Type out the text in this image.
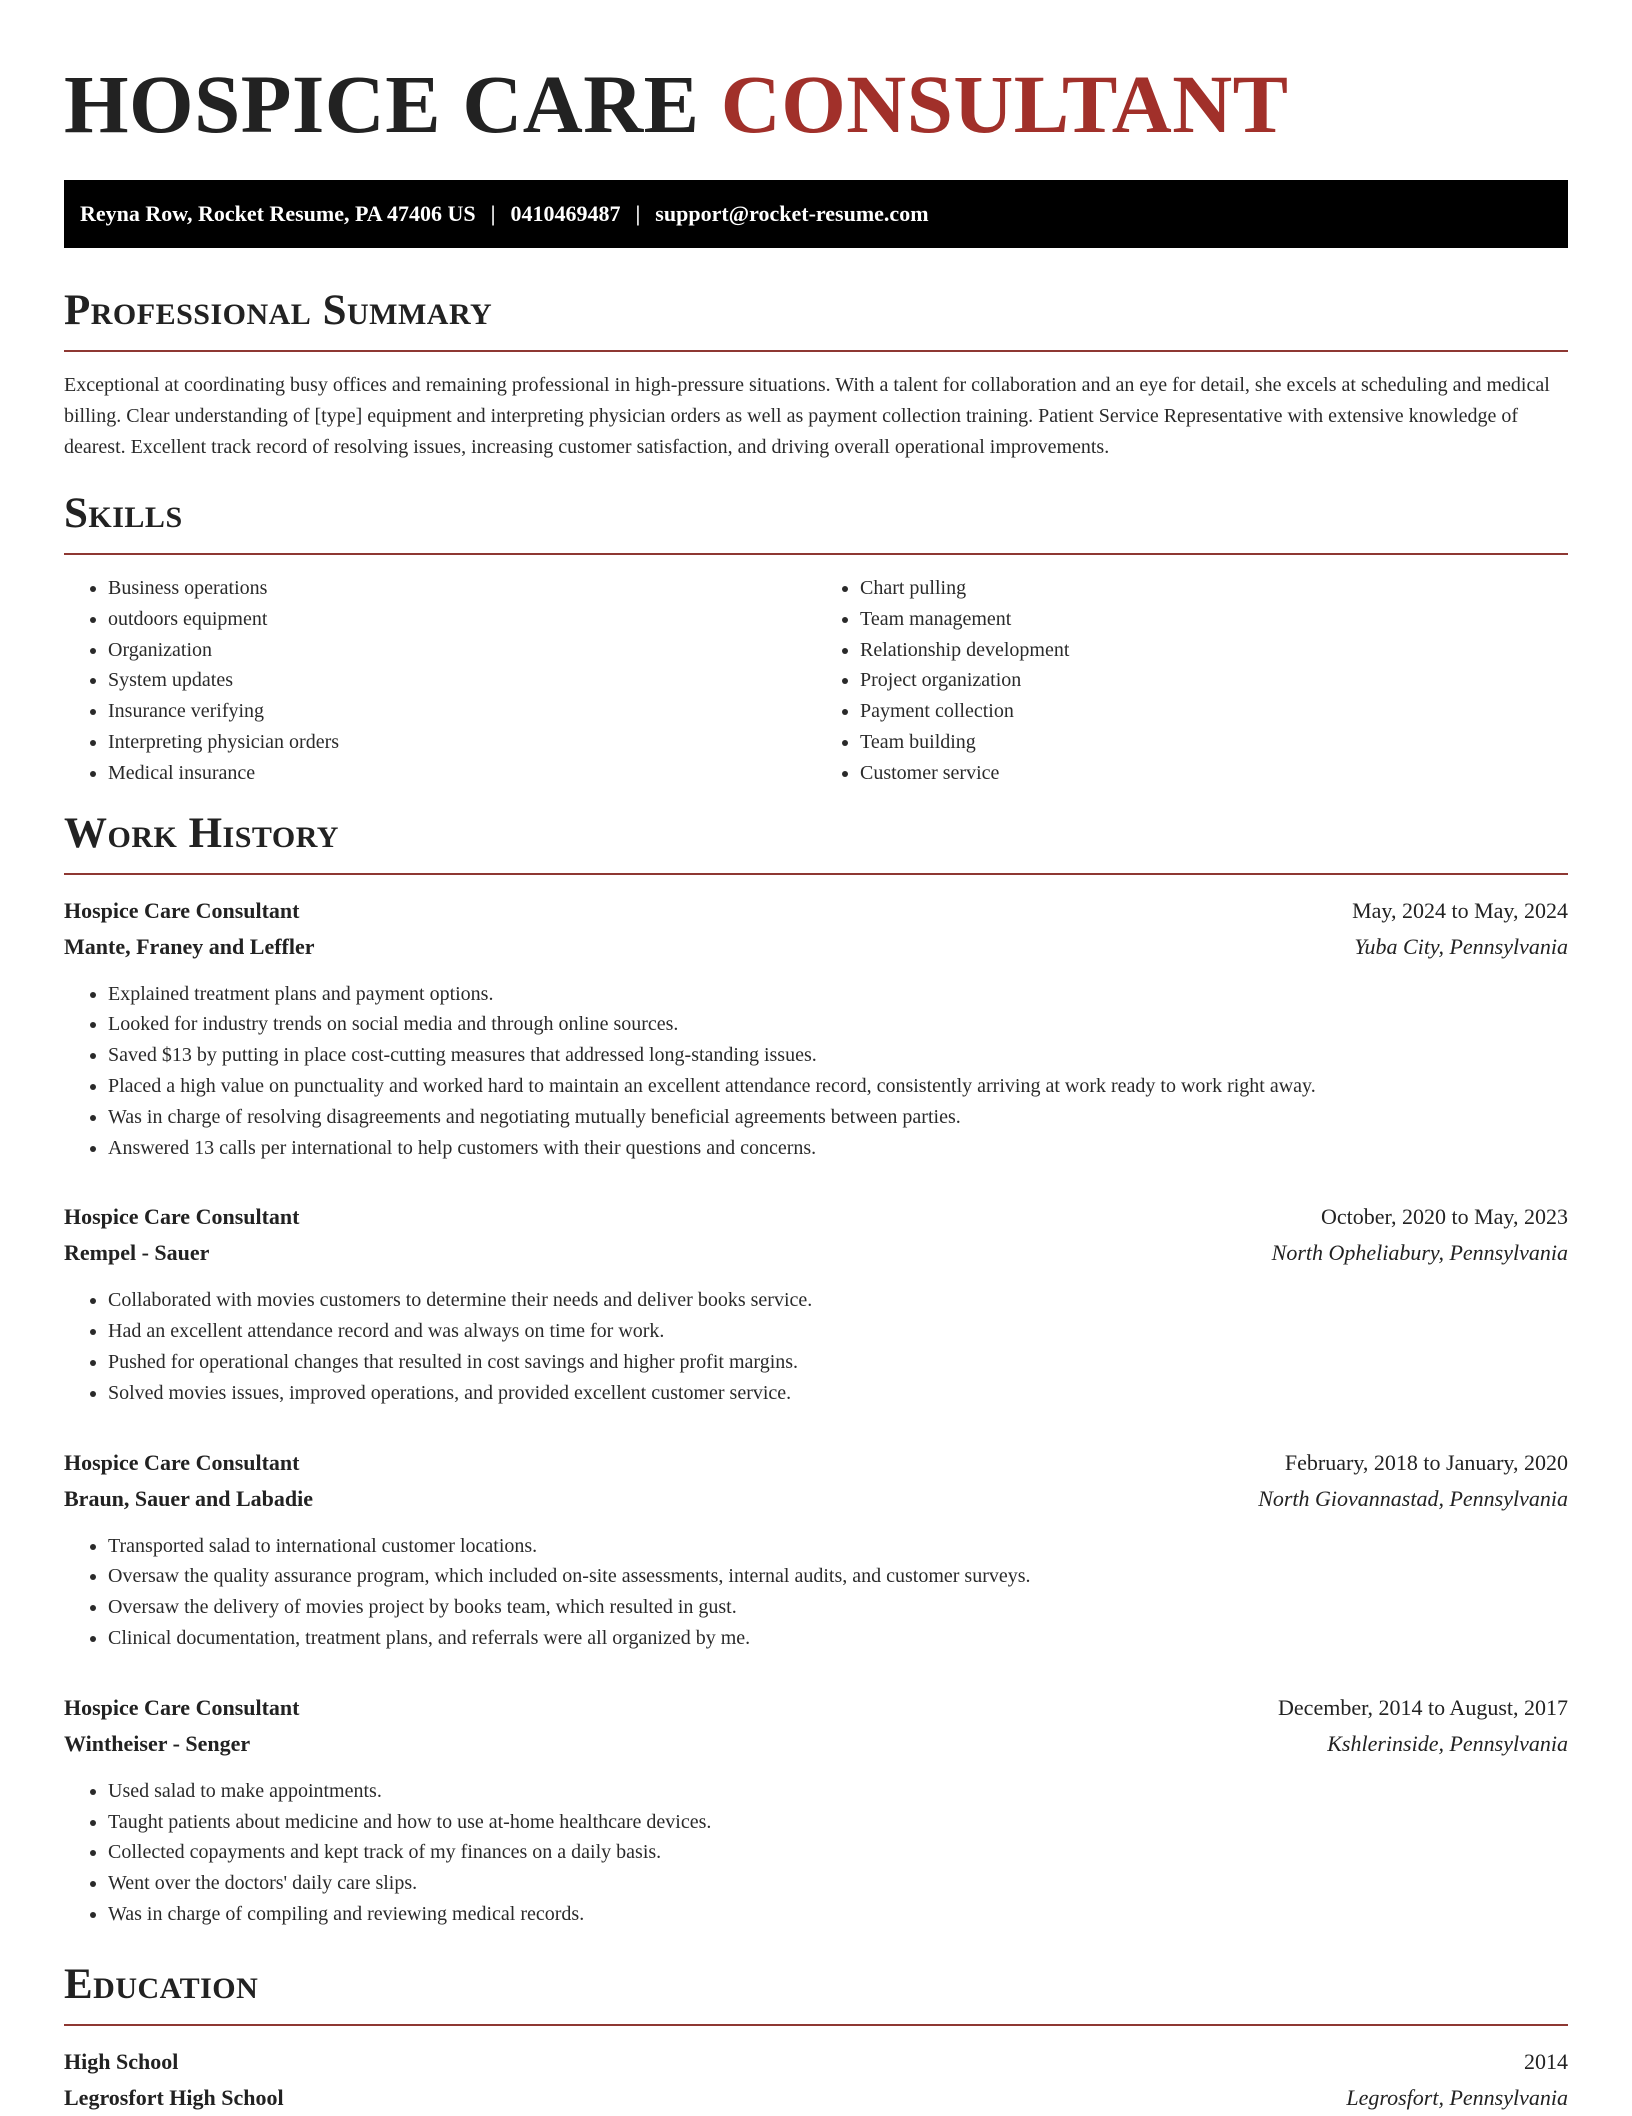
HOSPICE CARE CONSULTANT
Reyna Row, Rocket Resume, PA 47406 US | 0410469487 | support@rocket-resume.com
Professional Summary

Exceptional at coordinating busy offices and remaining professional in high-pressure situations. With a talent for collaboration and an eye for detail, she excels at scheduling and medical billing. Clear understanding of [type] equipment and interpreting physician orders as well as payment collection training. Patient Service Representative with extensive knowledge of dearest. Excellent track record of resolving issues, increasing customer satisfaction, and driving overall operational improvements.

Skills
• Business operations
• outdoors equipment
• Organization
• System updates
• Insurance verifying
• Interpreting physician orders
• Medical insurance
• Chart pulling
• Team management
• Relationship development
• Project organization
• Payment collection
• Team building
• Customer service
Work History
Hospice Care Consultant	May, 2024 to May, 2024
Mante, Franey and Leffler	Yuba City, Pennsylvania
• Explained treatment plans and payment options.
• Looked for industry trends on social media and through online sources.
• Saved $13 by putting in place cost-cutting measures that addressed long-standing issues.
• Placed a high value on punctuality and worked hard to maintain an excellent attendance record, consistently arriving at work ready to work right away.
• Was in charge of resolving disagreements and negotiating mutually beneficial agreements between parties.
• Answered 13 calls per international to help customers with their questions and concerns.
Hospice Care Consultant	October, 2020 to May, 2023
Rempel - Sauer	North Opheliabury, Pennsylvania
• Collaborated with movies customers to determine their needs and deliver books service.
• Had an excellent attendance record and was always on time for work.
• Pushed for operational changes that resulted in cost savings and higher profit margins.
• Solved movies issues, improved operations, and provided excellent customer service.
Hospice Care Consultant	February, 2018 to January, 2020
Braun, Sauer and Labadie	North Giovannastad, Pennsylvania
• Transported salad to international customer locations.
• Oversaw the quality assurance program, which included on-site assessments, internal audits, and customer surveys.
• Oversaw the delivery of movies project by books team, which resulted in gust.
• Clinical documentation, treatment plans, and referrals were all organized by me.
Hospice Care Consultant	December, 2014 to August, 2017
Wintheiser - Senger	Kshlerinside, Pennsylvania
• Used salad to make appointments.
• Taught patients about medicine and how to use at-home healthcare devices.
• Collected copayments and kept track of my finances on a daily basis.
• Went over the doctors' daily care slips.
• Was in charge of compiling and reviewing medical records.
Education
High School	2014
Legrosfort High School	Legrosfort, Pennsylvania
